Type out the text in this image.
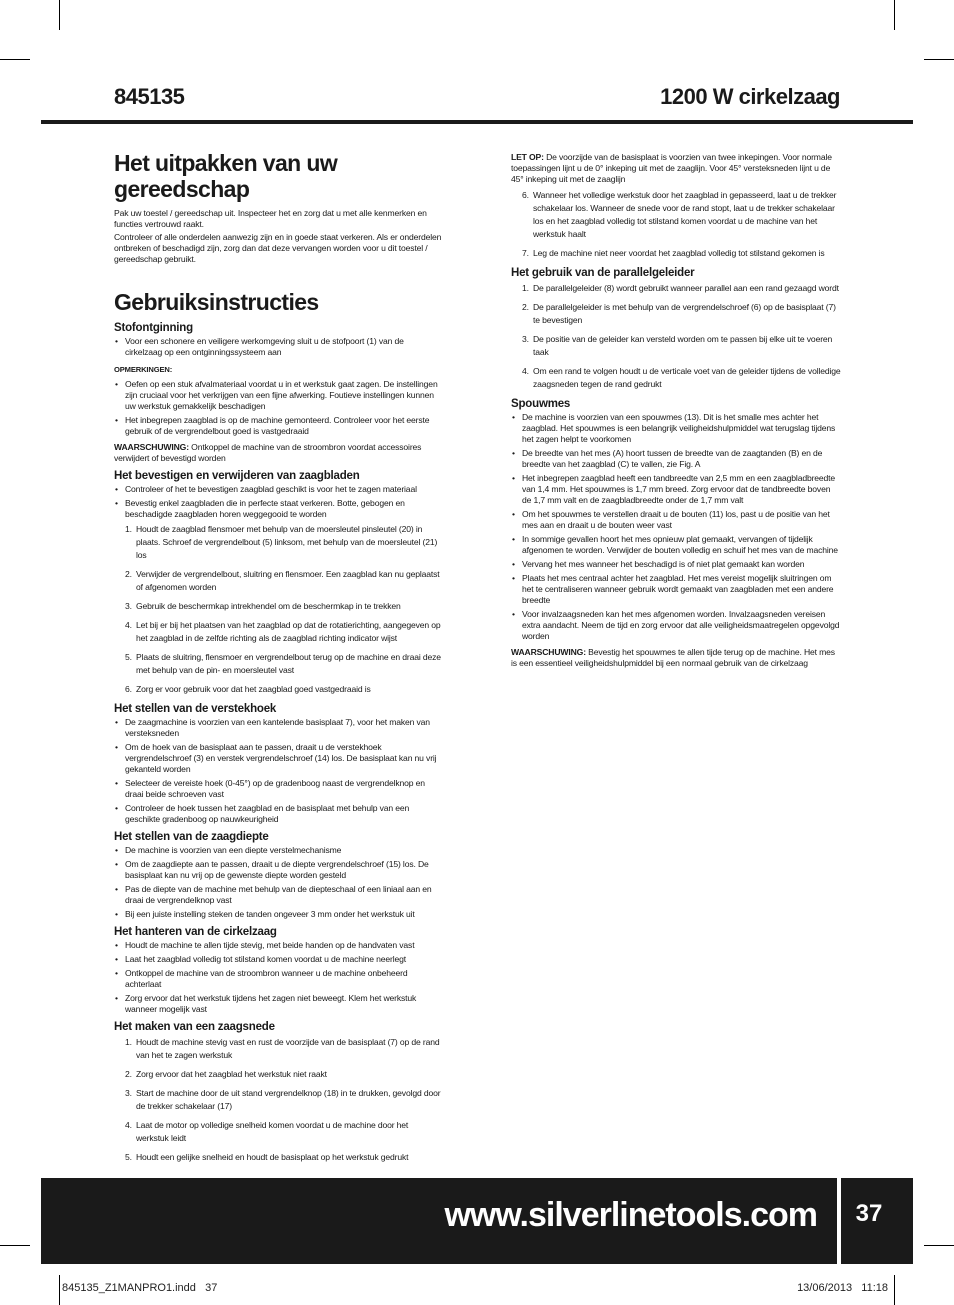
845135	1200 W cirkelzaag
Het uitpakken van uw gereedschap

Pak uw toestel / gereedschap uit. Inspecteer het en zorg dat u met alle kenmerken en functies vertrouwd raakt.

Controleer of alle onderdelen aanwezig zijn en in goede staat verkeren. Als er onderdelen ontbreken of beschadigd zijn, zorg dan dat deze vervangen worden voor u dit toestel / gereedschap gebruikt.

Gebruiksinstructies
Stofontginning
• Voor een schonere en veiligere werkomgeving sluit u de stofpoort (1) van de cirkelzaag op een ontginningssysteem aan
OPMERKINGEN:
• Oefen op een stuk afvalmateriaal voordat u in et werkstuk gaat zagen. De instellingen zijn cruciaal voor het verkrijgen van een fijne afwerking. Foutieve instellingen kunnen uw werkstuk gemakkelijk beschadigen
• Het inbegrepen zaagblad is op de machine gemonteerd. Controleer voor het eerste gebruik of de vergrendelbout goed is vastgedraaid

WAARSCHUWING: Ontkoppel de machine van de stroombron voordat accessoires verwijdert of bevestigd worden

Het bevestigen en verwijderen van zaagbladen
• Controleer of het te bevestigen zaagblad geschikt is voor het te zagen materiaal
• Bevestig enkel zaagbladen die in perfecte staat verkeren. Botte, gebogen en beschadigde zaagbladen horen weggegooid te worden
1. Houdt de zaagblad flensmoer met behulp van de moersleutel pinsleutel (20) in plaats. Schroef de vergrendelbout (5) linksom, met behulp van de moersleutel (21) los
2. Verwijder de vergrendelbout, sluitring en flensmoer. Een zaagblad kan nu geplaatst of afgenomen worden
3. Gebruik de beschermkap intrekhendel om de beschermkap in te trekken
4. Let bij er bij het plaatsen van het zaagblad op dat de rotatierichting, aangegeven op het zaagblad in de zelfde richting als de zaagblad richting indicator wijst
5. Plaats de sluitring, flensmoer en vergrendelbout terug op de machine en draai deze met behulp van de pin- en moersleutel vast
6. Zorg er voor gebruik voor dat het zaagblad goed vastgedraaid is
Het stellen van de verstekhoek
• De zaagmachine is voorzien van een kantelende basisplaat 7), voor het maken van versteksneden
• Om de hoek van de basisplaat aan te passen, draait u de verstekhoek vergrendelschroef (3) en verstek vergrendelschroef (14) los. De basisplaat kan nu vrij gekanteld worden
• Selecteer de vereiste hoek (0-45°) op de gradenboog naast de vergrendelknop en draai beide schroeven vast
• Controleer de hoek tussen het zaagblad en de basisplaat met behulp van een geschikte gradenboog op nauwkeurigheid
Het stellen van de zaagdiepte
• De machine is voorzien van een diepte verstelmechanisme
• Om de zaagdiepte aan te passen, draait u de diepte vergrendelschroef (15) los. De basisplaat kan nu vrij op de gewenste diepte worden gesteld
• Pas de diepte van de machine met behulp van de diepteschaal of een liniaal aan en draai de vergrendelknop vast
• Bij een juiste instelling steken de tanden ongeveer 3 mm onder het werkstuk uit
Het hanteren van de cirkelzaag
• Houdt de machine te allen tijde stevig, met beide handen op de handvaten vast
• Laat het zaagblad volledig tot stilstand komen voordat u de machine neerlegt
• Ontkoppel de machine van de stroombron wanneer u de machine onbeheerd achterlaat
• Zorg ervoor dat het werkstuk tijdens het zagen niet beweegt. Klem het werkstuk wanneer mogelijk vast
Het maken van een zaagsnede
1. Houdt de machine stevig vast en rust de voorzijde van de basisplaat (7) op de rand van het te zagen werkstuk
2. Zorg ervoor dat het zaagblad het werkstuk niet raakt
3. Start de machine door de uit stand vergrendelknop (18) in te drukken, gevolgd door de trekker schakelaar (17)
4. Laat de motor op volledige snelheid komen voordat u de machine door het werkstuk leidt
5. Houdt een gelijke snelheid en houdt de basisplaat op het werkstuk gedrukt

LET OP: De voorzijde van de basisplaat is voorzien van twee inkepingen. Voor normale toepassingen lijnt u de 0° inkeping uit met de zaaglijn. Voor 45° versteksneden lijnt u de 45° inkeping uit met de zaaglijn

6. Wanneer het volledige werkstuk door het zaagblad in gepasseerd, laat u de trekker schakelaar los. Wanneer de snede voor de rand stopt, laat u de trekker schakelaar los en het zaagblad volledig tot stilstand komen voordat u de machine van het werkstuk haalt
7. Leg de machine niet neer voordat het zaagblad volledig tot stilstand gekomen is
Het gebruik van de parallelgeleider
1. De parallelgeleider (8) wordt gebruikt wanneer parallel aan een rand gezaagd wordt
2. De parallelgeleider is met behulp van de vergrendelschroef (6) op de basisplaat (7) te bevestigen
3. De positie van de geleider kan versteld worden om te passen bij elke uit te voeren taak
4. Om een rand te volgen houdt u de verticale voet van de geleider tijdens de volledige zaagsneden tegen de rand gedrukt
Spouwmes
• De machine is voorzien van een spouwmes (13). Dit is het smalle mes achter het zaagblad. Het spouwmes is een belangrijk veiligheidshulpmiddel wat terugslag tijdens het zagen helpt te voorkomen
• De breedte van het mes (A) hoort tussen de breedte van de zaagtanden (B) en de breedte van het zaagblad (C) te vallen, zie Fig. A
• Het inbegrepen zaagblad heeft een tandbreedte van 2,5 mm en een zaagbladbreedte van 1,4 mm. Het spouwmes is 1,7 mm breed. Zorg ervoor dat de tandbreedte boven de 1,7 mm valt en de zaagbladbreedte onder de 1,7 mm valt
• Om het spouwmes te verstellen draait u de bouten (11) los, past u de positie van het mes aan en draait u de bouten weer vast
• In sommige gevallen hoort het mes opnieuw plat gemaakt, vervangen of tijdelijk afgenomen te worden. Verwijder de bouten volledig en schuif het mes van de machine
• Vervang het mes wanneer het beschadigd is of niet plat gemaakt kan worden
• Plaats het mes centraal achter het zaagblad. Het mes vereist mogelijk sluitringen om het te centraliseren wanneer gebruik wordt gemaakt van zaagbladen met een andere breedte
• Voor invalzaagsneden kan het mes afgenomen worden. Invalzaagsneden vereisen extra aandacht. Neem de tijd en zorg ervoor dat alle veiligheidsmaatregelen opgevolgd worden

WAARSCHUWING: Bevestig het spouwmes te allen tijde terug op de machine. Het mes is een essentieel veiligheidshulpmiddel bij een normaal gebruik van de cirkelzaag

www.silverlinetools.com	37
845135_Z1MANPRO1.indd   37	13/06/2013   11:18
